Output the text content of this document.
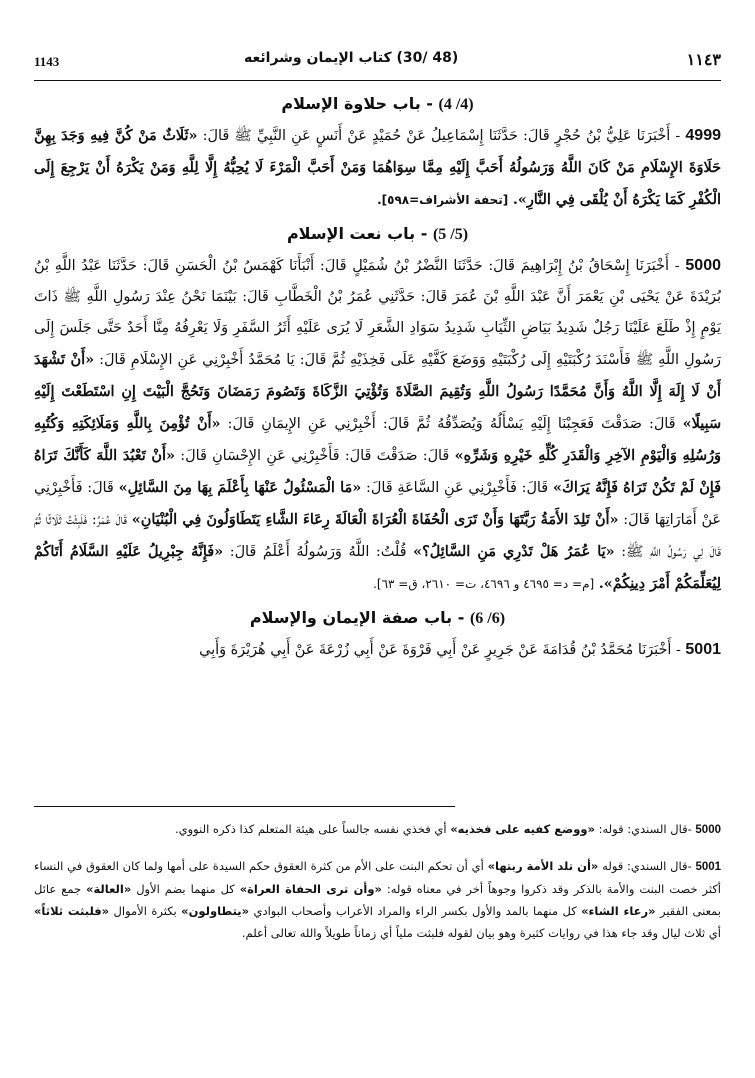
1143	(48 /30) كتاب الإيمان وشرائعه	١١٤٣
(4/ 4) - باب حلاوة الإسلام

4999 - أَخْبَرَنَا عَلِيُّ بْنُ حُجْرٍ قَالَ: حَدَّثَنَا إِسْمَاعِيلُ عَنْ حُمَيْدٍ عَنْ أَنَسٍ عَنِ النَّبِيِّ ﷺ قَالَ: «ثَلَاثٌ مَنْ كُنَّ فِيهِ وَجَدَ بِهِنَّ حَلَاوَةَ الإِسْلَامِ مَنْ كَانَ اللَّهُ وَرَسُولُهُ أَحَبَّ إِلَيْهِ مِمَّا سِوَاهُمَا وَمَنْ أَحَبَّ الْمَرْءَ لَا يُحِبُّهُ إِلَّا لِلَّهِ وَمَنْ يَكْرَهُ أَنْ يَرْجِعَ إِلَى الْكُفْرِ كَمَا يَكْرَهُ أَنْ يُلْقَى فِي النَّارِ». [تحفة الأشراف=٥٩٨].

(5/ 5) - باب نعت الإسلام

5000 - أَخْبَرَنَا إِسْحَاقُ بْنُ إِبْرَاهِيمَ قَالَ: حَدَّثَنَا النَّضْرُ بْنُ شُمَيْلٍ قَالَ: أَنْبَأَنَا كَهْمَسُ بْنُ الْحَسَنِ قَالَ: حَدَّثَنَا عَبْدُ اللَّهِ بْنُ بُرَيْدَةَ عَنْ يَحْيَى بْنِ يَعْمَرَ أَنَّ عَبْدَ اللَّهِ بْنَ عُمَرَ قَالَ: حَدَّثَنِي عُمَرُ بْنُ الْخَطَّابِ قَالَ: بَيْنَمَا نَحْنُ عِنْدَ رَسُولِ اللَّهِ ﷺ ذَاتَ يَوْمٍ إِذْ طَلَعَ عَلَيْنَا رَجُلٌ شَدِيدُ بَيَاضِ الثِّيَابِ شَدِيدُ سَوَادِ الشَّعَرِ لَا يُرَى عَلَيْهِ أَثَرُ السَّفَرِ وَلَا يَعْرِفُهُ مِنَّا أَحَدٌ حَتَّى جَلَسَ إِلَى رَسُولِ اللَّهِ ﷺ فَأَسْنَدَ رُكْبَتَيْهِ إِلَى رُكْبَتَيْهِ وَوَضَعَ كَفَّيْهِ عَلَى فَخِذَيْهِ ثُمَّ قَالَ: يَا مُحَمَّدُ أَخْبِرْنِي عَنِ الإِسْلَامِ قَالَ: «أَنْ تَشْهَدَ أَنْ لَا إِلَهَ إِلَّا اللَّهُ وَأَنَّ مُحَمَّدًا رَسُولُ اللَّهِ وَتُقِيمَ الصَّلَاةَ وَتُؤْتِيَ الزَّكَاةَ وَتَصُومَ رَمَضَانَ وَتَحُجَّ الْبَيْتَ إِنِ اسْتَطَعْتَ إِلَيْهِ سَبِيلًا» قَالَ: صَدَقْتَ فَعَجِبْنَا إِلَيْهِ يَسْأَلُهُ وَيُصَدِّقُهُ ثُمَّ قَالَ: أَخْبِرْنِي عَنِ الإِيمَانِ قَالَ: «أَنْ تُؤْمِنَ بِاللَّهِ وَمَلَائِكَتِهِ وَكُتُبِهِ وَرُسُلِهِ وَالْيَوْمِ الآخِرِ وَالْقَدَرِ كُلِّهِ خَيْرِهِ وَشَرِّهِ» قَالَ: صَدَقْتَ قَالَ: فَأَخْبِرْنِي عَنِ الإِحْسَانِ قَالَ: «أَنْ تَعْبُدَ اللَّهَ كَأَنَّكَ تَرَاهُ فَإِنْ لَمْ تَكُنْ تَرَاهُ فَإِنَّهُ يَرَاكَ» قَالَ: فَأَخْبِرْنِي عَنِ السَّاعَةِ قَالَ: «مَا الْمَسْئُولُ عَنْهَا بِأَعْلَمَ بِهَا مِنَ السَّائِلِ» قَالَ: فَأَخْبِرْنِي عَنْ أَمَارَاتِهَا قَالَ: «أَنْ تَلِدَ الأَمَةُ رَبَّتَهَا وَأَنْ تَرَى الْحُفَاةَ الْعُرَاةَ الْعَالَةَ رِعَاءَ الشَّاءِ يَتَطَاوَلُونَ فِي الْبُنْيَانِ» قَالَ عُمَرُ: فَلَبِثْتُ ثَلَاثًا ثُمَّ قَالَ لِي رَسُولُ اللَّهِ ﷺ: «يَا عُمَرُ هَلْ تَدْرِي مَنِ السَّائِلُ؟» قُلْتُ: اللَّهُ وَرَسُولُهُ أَعْلَمُ قَالَ: «فَإِنَّهُ جِبْرِيلُ عَلَيْهِ السَّلَامُ أَتَاكُمْ لِيُعَلِّمَكُمْ أَمْرَ دِينِكُمْ». [م= د= ٤٦٩٥ و ٤٦٩٦، ت= ٢٦١٠، ق= ٦٣].

(6/ 6) - باب صفة الإيمان والإسلام

5001 - أَخْبَرَنَا مُحَمَّدُ بْنُ قُدَامَةَ عَنْ جَرِيرٍ عَنْ أَبِي فَرْوَةَ عَنْ أَبِي زُرْعَةَ عَنْ أَبِي هُرَيْرَةَ وَأَبِي

5000 -قال السندي: قوله: «ووضع كفيه على فخذيه» أي فخذي نفسه جالساً على هيئة المتعلم كذا ذكره النووي.

5001 -قال السندي: قوله «أن تلد الأمة ربتها» أي أن تحكم البنت على الأم من كثرة العقوق حكم السيدة على أمها ولما كان العقوق في النساء أكثر خصت البنت والأمة بالذكر وقد ذكروا وجوهاً أخر في معناه قوله: «وأن ترى الحفاة العراة» كل منهما بضم الأول «العالة» جمع عائل بمعنى الفقير «رعاء الشاء» كل منهما بالمد والأول بكسر الراء والمراد الأعراب وأصحاب البوادي «يتطاولون» بكثرة الأموال «فلبثت ثلاثاً» أي ثلاث ليال وقد جاء هذا في روايات كثيرة وهو بيان لقوله فلبثت ملياً أي زماناً طويلاً والله تعالى أعلم.
